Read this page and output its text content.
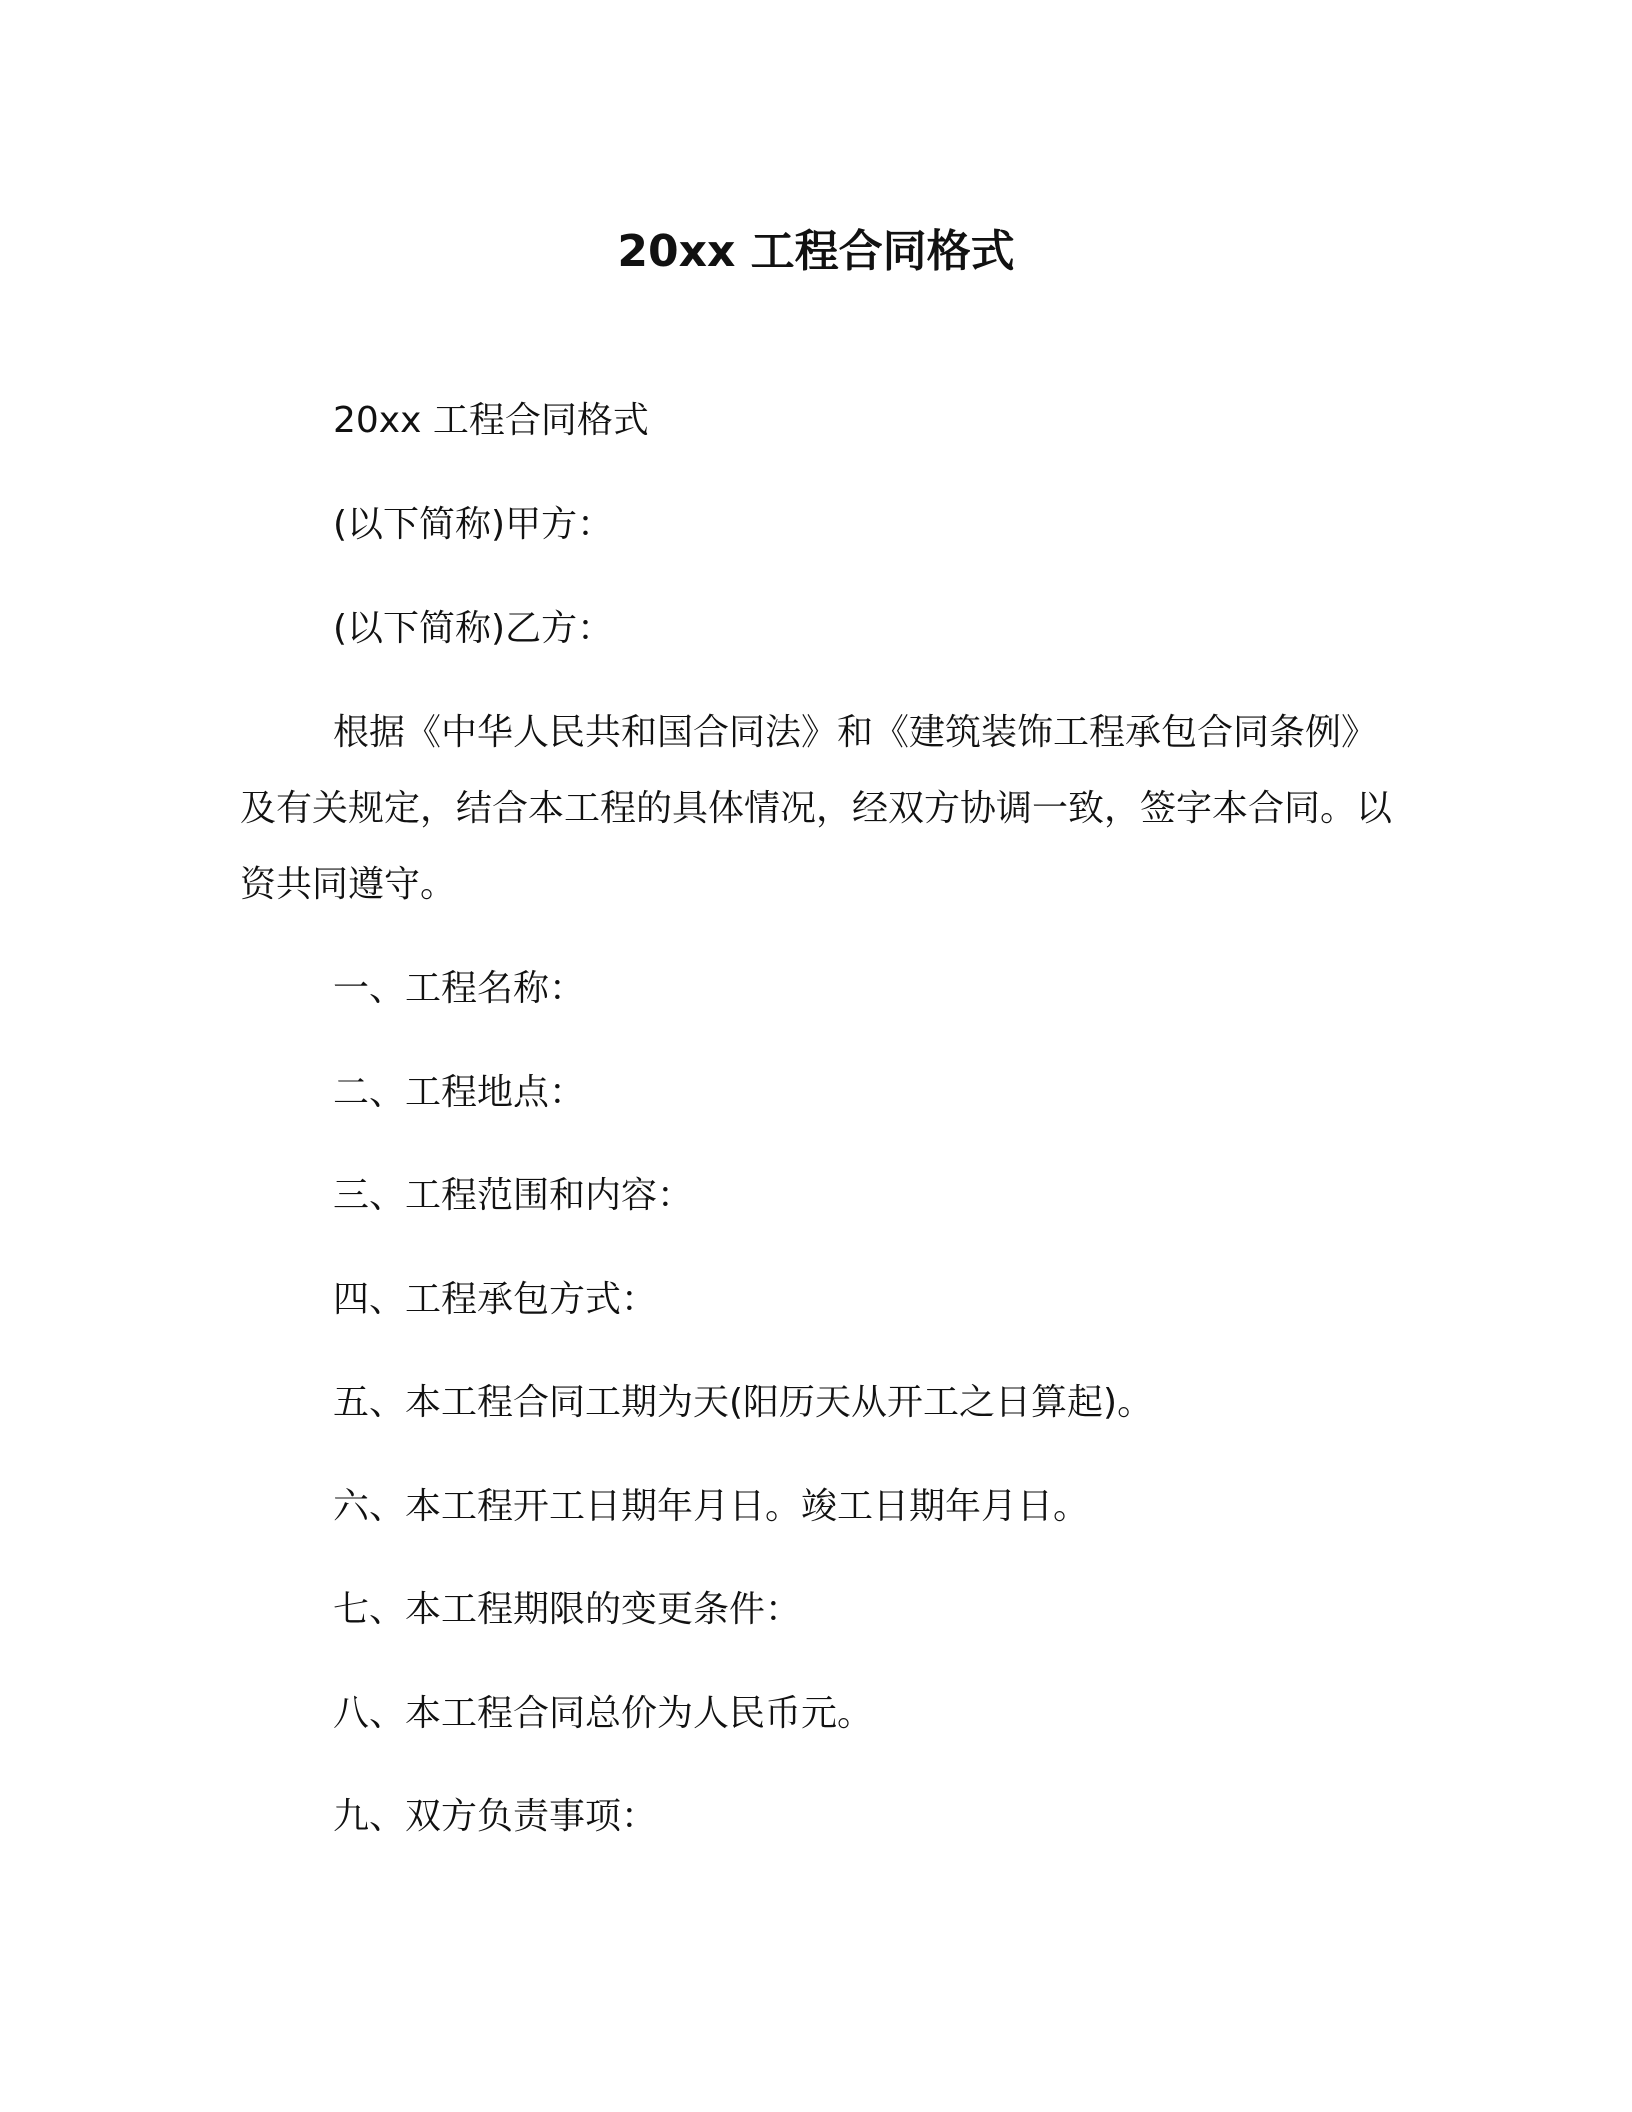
20xx 工程合同格式

20xx 工程合同格式

(以下简称)甲方：

(以下简称)乙方：

根据《中华人民共和国合同法》和《建筑装饰工程承包合同条例》及有关规定，结合本工程的具体情况，经双方协调一致，签字本合同。以资共同遵守。

一、工程名称：

二、工程地点：

三、工程范围和内容：

四、工程承包方式：

五、本工程合同工期为天(阳历天从开工之日算起)。

六、本工程开工日期年月日。竣工日期年月日。

七、本工程期限的变更条件：

八、本工程合同总价为人民币元。

九、双方负责事项：
